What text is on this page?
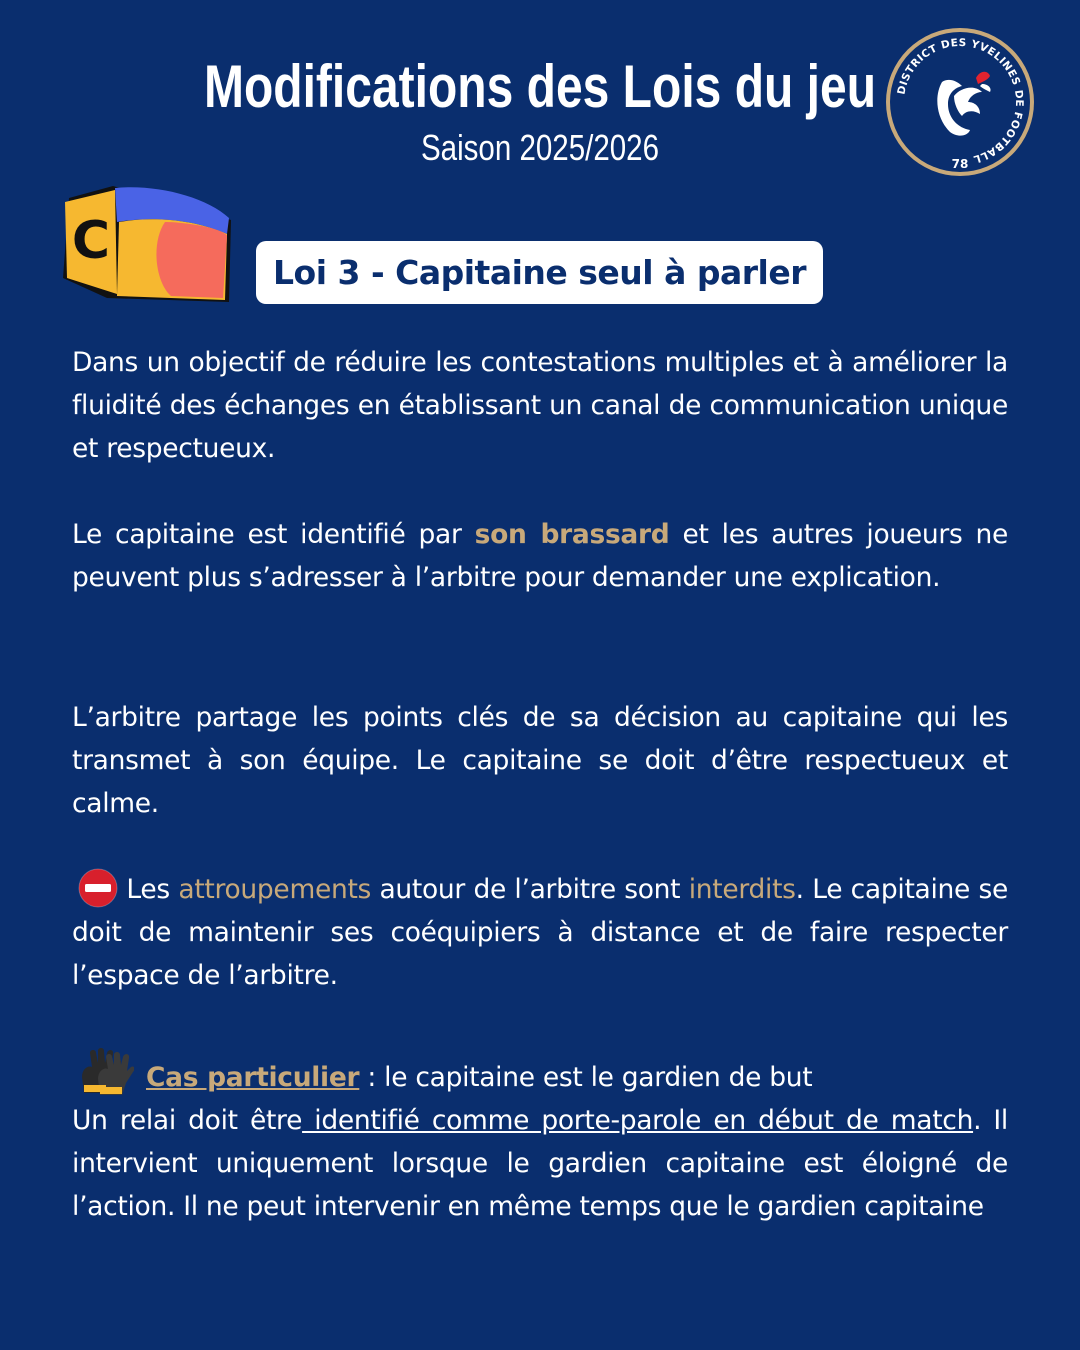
Modifications des Lois du jeu
Saison 2025/2026
DISTRICT DES YVELINES DE FOOTBALL
78
C
Loi 3 - Capitaine seul à parler
Dans un objectif de réduire les contestations multiples et à améliorer la fluidité des échanges en établissant un canal de communication unique et respectueux.
Le capitaine est identifié par son brassard et les autres joueurs ne peuvent plus s’adresser à l’arbitre pour demander une explication.
L’arbitre partage les points clés de sa décision au capitaine qui les transmet à son équipe. Le capitaine se doit d’être respectueux et calme.
Les attroupements autour de l’arbitre sont interdits. Le capitaine se doit de maintenir ses coéquipiers à distance et de faire respecter l’espace de l’arbitre.
Cas particulier : le capitaine est le gardien de but
Un relai doit être identifié comme porte-parole en début de match. Il intervient uniquement lorsque le gardien capitaine est éloigné de l’action. Il ne peut intervenir en même temps que le gardien capitaine
